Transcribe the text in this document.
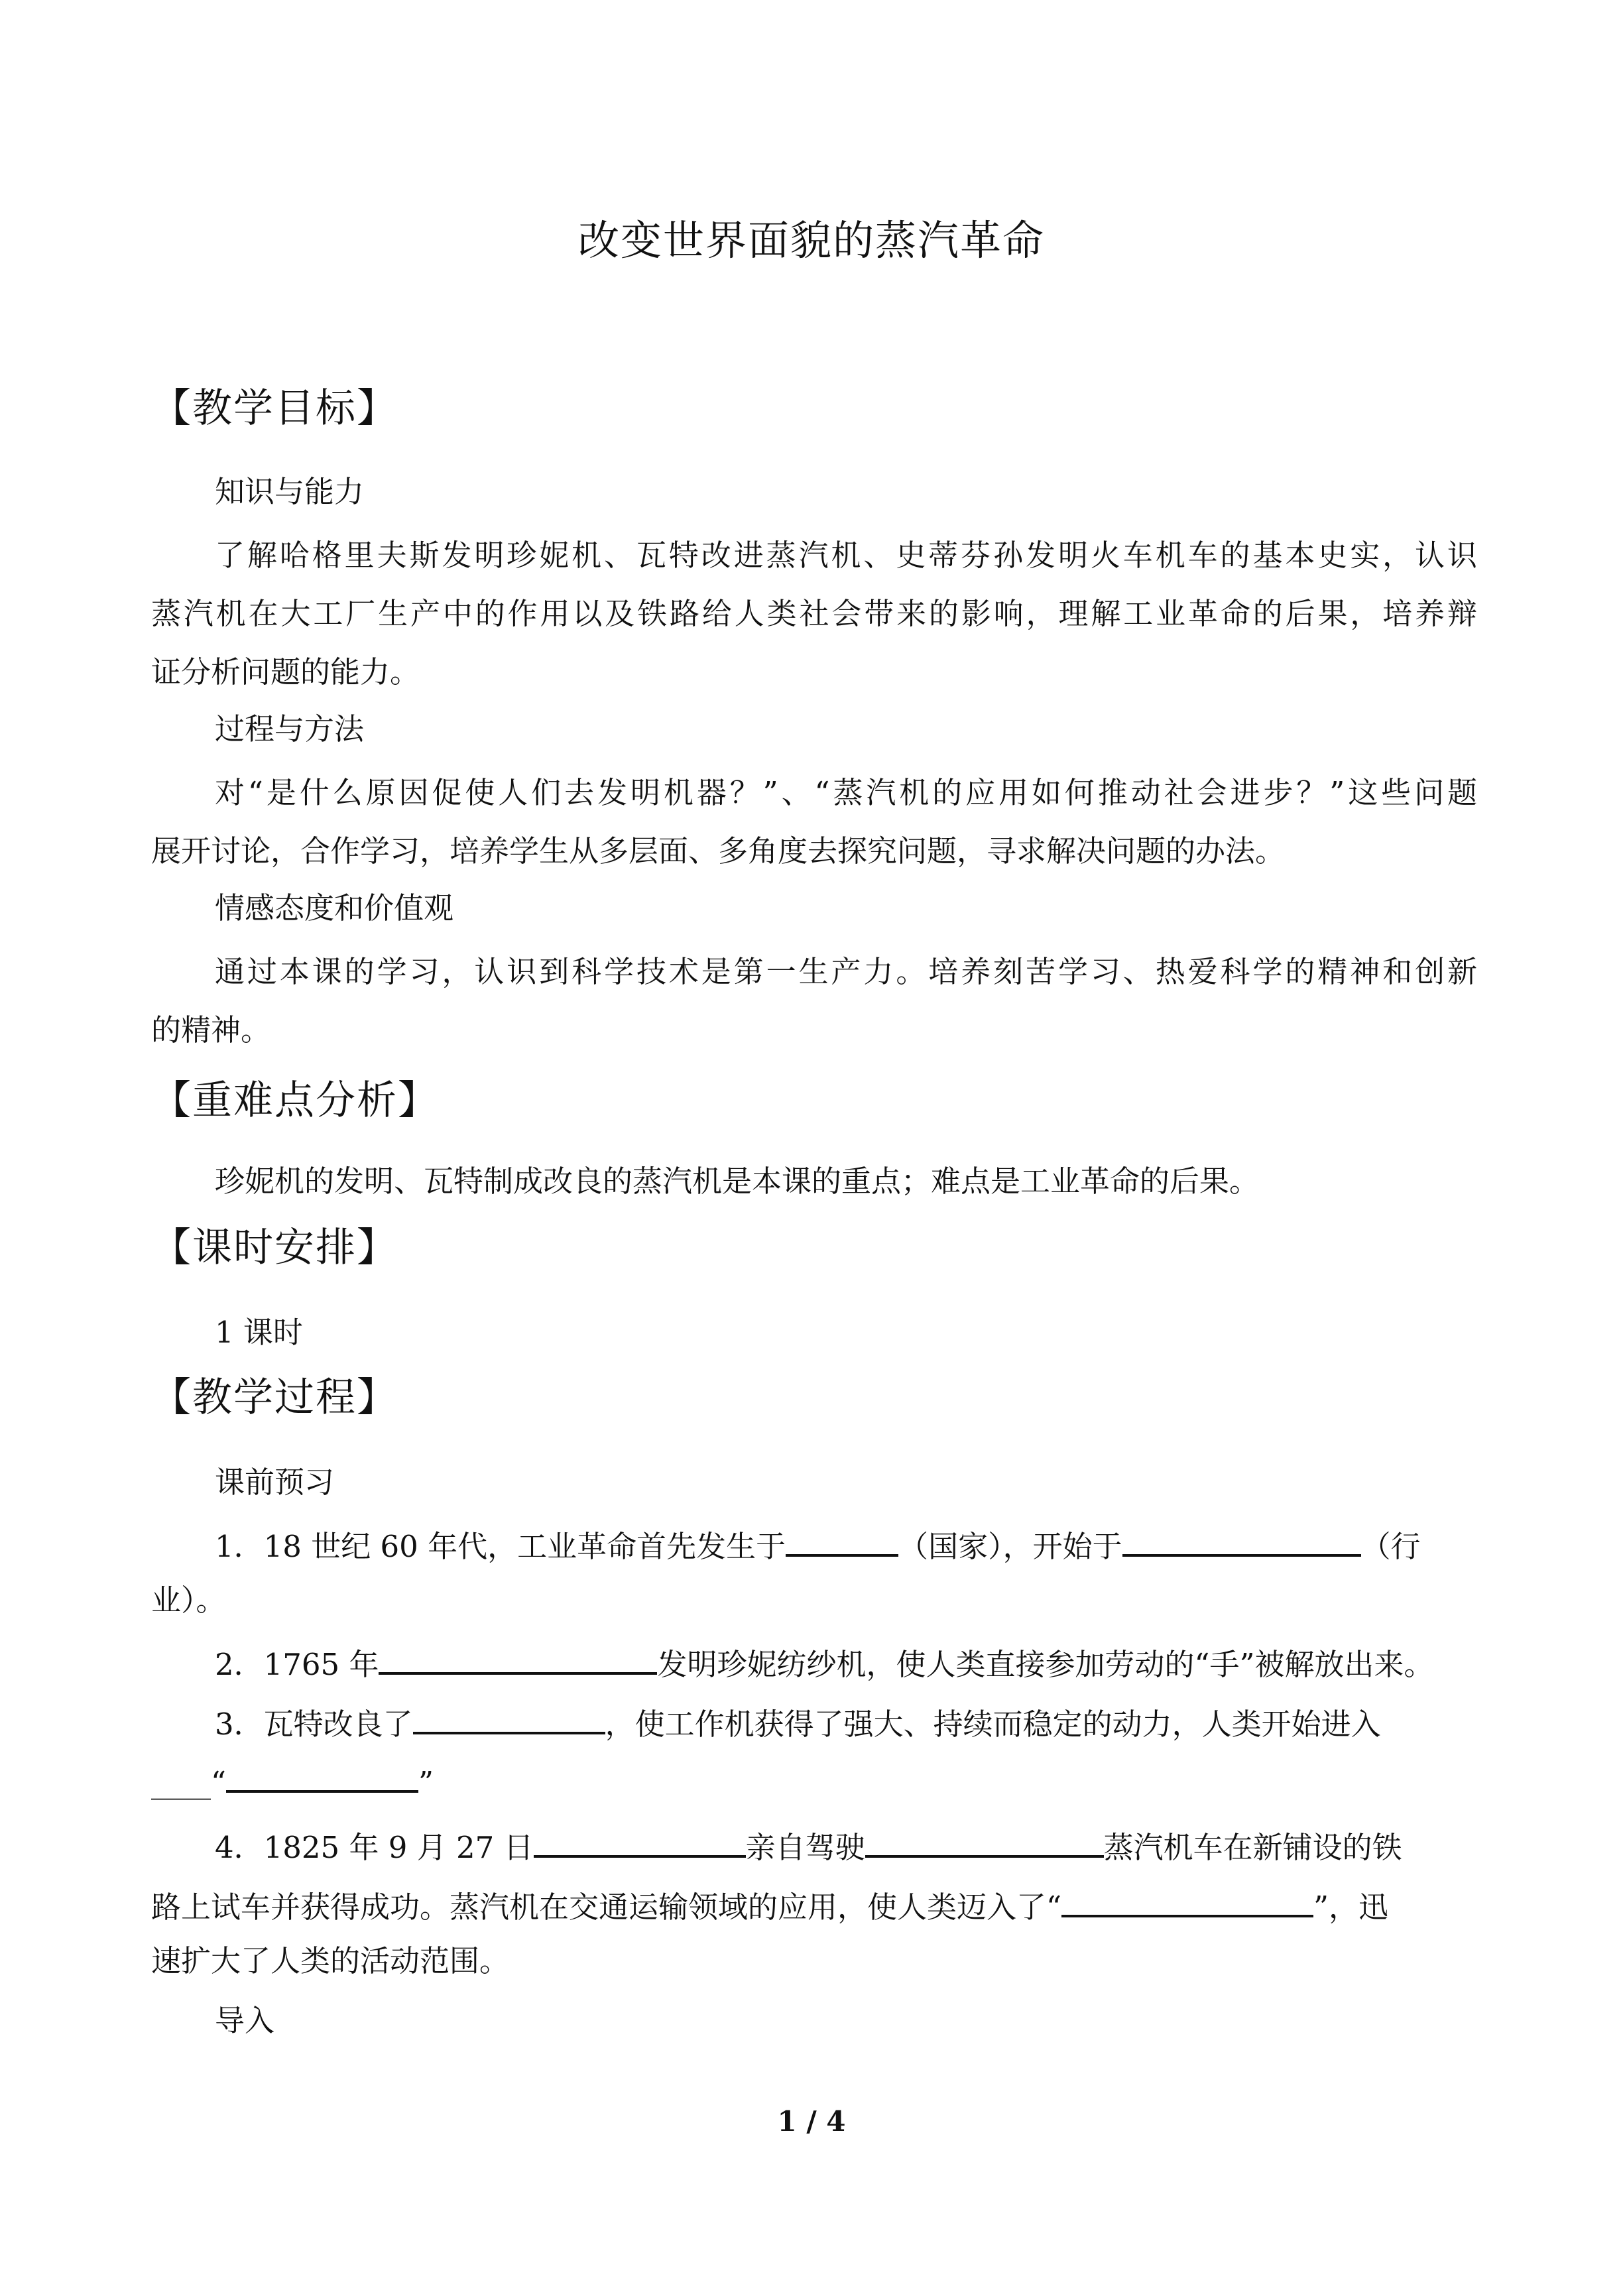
改变世界面貌的蒸汽革命
【教学目标】
知识与能力
了解哈格里夫斯发明珍妮机、瓦特改进蒸汽机、史蒂芬孙发明火车机车的基本史实，认识
蒸汽机在大工厂生产中的作用以及铁路给人类社会带来的影响，理解工业革命的后果，培养辩
证分析问题的能力。
过程与方法
对“是什么原因促使人们去发明机器？”、“蒸汽机的应用如何推动社会进步？”这些问题
展开讨论，合作学习，培养学生从多层面、多角度去探究问题，寻求解决问题的办法。
情感态度和价值观
通过本课的学习，认识到科学技术是第一生产力。培养刻苦学习、热爱科学的精神和创新
的精神。
【重难点分析】
珍妮机的发明、瓦特制成改良的蒸汽机是本课的重点；难点是工业革命的后果。
【课时安排】
1 课时
【教学过程】
课前预习
1．18 世纪 60 年代，工业革命首先发生于	（国家），开始于	（行
业）。
2．1765 年	发明珍妮纺纱机，使人类直接参加劳动的“手”被解放出来。
3．瓦特改良了	，使工作机获得了强大、持续而稳定的动力，人类开始进入
____“	”
4．1825 年 9 月 27 日	亲自驾驶	蒸汽机车在新铺设的铁
路上试车并获得成功。蒸汽机在交通运输领域的应用，使人类迈入了“	”，迅
速扩大了人类的活动范围。
导入
1 / 4
